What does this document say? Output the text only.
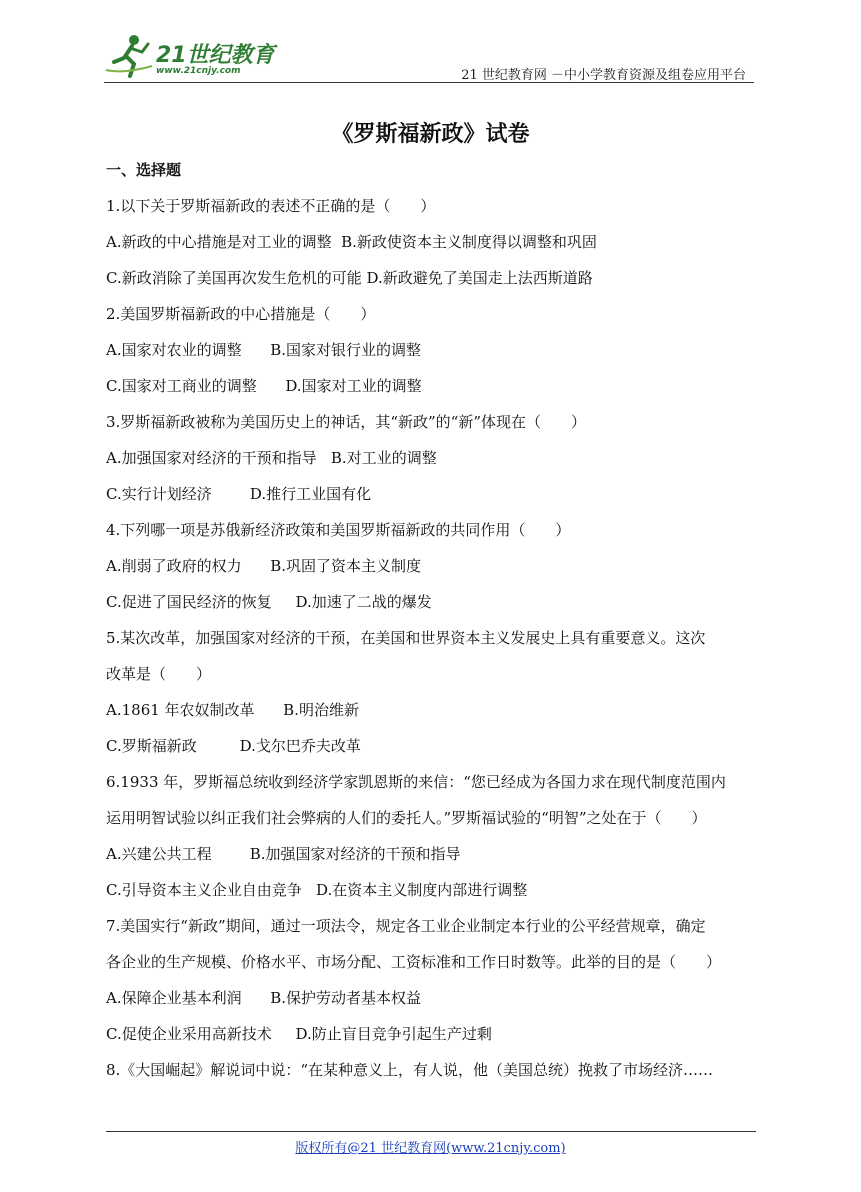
21世纪教育
www.21cnjy.com	21 世纪教育网 －中小学教育资源及组卷应用平台
《罗斯福新政》试卷
一、选择题
1.以下关于罗斯福新政的表述不正确的是（　　）
A.新政的中心措施是对工业的调整  B.新政使资本主义制度得以调整和巩固
C.新政消除了美国再次发生危机的可能 D.新政避免了美国走上法西斯道路
2.美国罗斯福新政的中心措施是（　　）
A.国家对农业的调整      B.国家对银行业的调整
C.国家对工商业的调整      D.国家对工业的调整
3.罗斯福新政被称为美国历史上的神话，其“新政”的“新”体现在（　　）
A.加强国家对经济的干预和指导   B.对工业的调整
C.实行计划经济        D.推行工业国有化
4.下列哪一项是苏俄新经济政策和美国罗斯福新政的共同作用（　　）
A.削弱了政府的权力      B.巩固了资本主义制度
C.促进了国民经济的恢复     D.加速了二战的爆发
5.某次改革，加强国家对经济的干预，在美国和世界资本主义发展史上具有重要意义。这次
改革是（　　）
A.1861 年农奴制改革      B.明治维新
C.罗斯福新政         D.戈尔巴乔夫改革
6.1933 年，罗斯福总统收到经济学家凯恩斯的来信：“您已经成为各国力求在现代制度范围内
运用明智试验以纠正我们社会弊病的人们的委托人。”罗斯福试验的“明智”之处在于（　　）
A.兴建公共工程        B.加强国家对经济的干预和指导
C.引导资本主义企业自由竞争   D.在资本主义制度内部进行调整
7.美国实行“新政”期间，通过一项法令，规定各工业企业制定本行业的公平经营规章，确定
各企业的生产规模、价格水平、市场分配、工资标准和工作日时数等。此举的目的是（　　）
A.保障企业基本利润      B.保护劳动者基本权益
C.促使企业采用高新技术     D.防止盲目竞争引起生产过剩
8.《大国崛起》解说词中说：“在某种意义上，有人说，他（美国总统）挽救了市场经济……
版权所有@21 世纪教育网(www.21cnjy.com)
